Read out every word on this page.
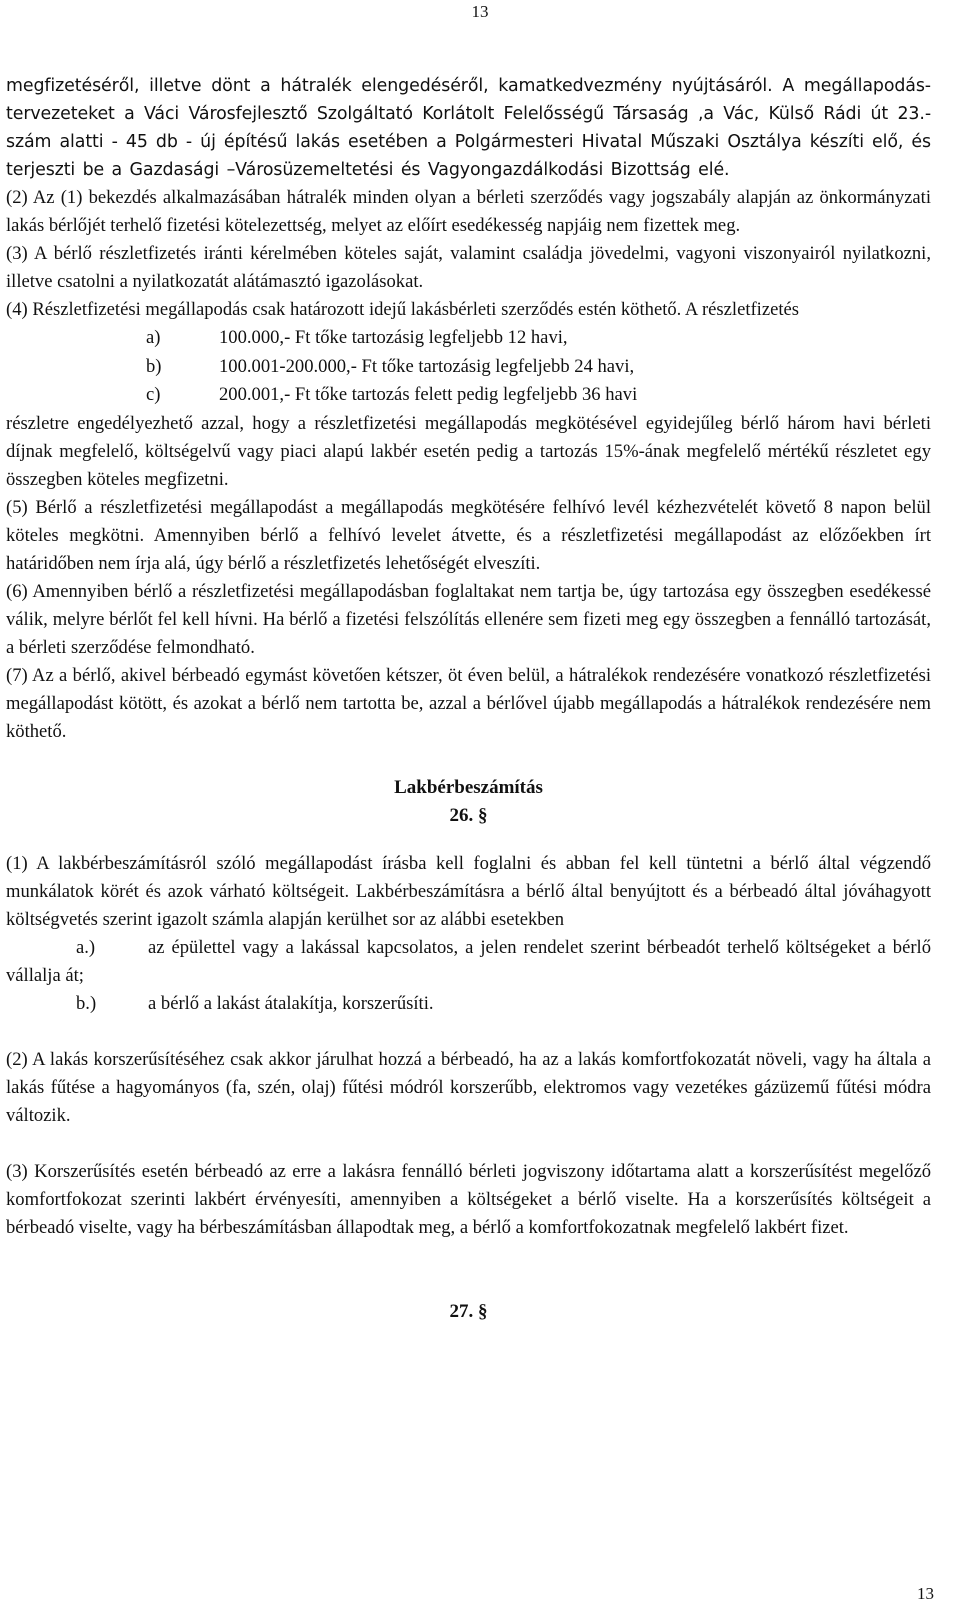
13

megfizetéséről, illetve dönt a hátralék elengedéséről, kamatkedvezmény nyújtásáról. A megállapodás-tervezeteket a Váci Városfejlesztő Szolgáltató Korlátolt Felelősségű Társaság ,a Vác, Külső Rádi út 23.- szám alatti - 45 db - új építésű lakás esetében a Polgármesteri Hivatal Műszaki Osztálya készíti elő, és terjeszti be a Gazdasági –Városüzemeltetési és Vagyongazdálkodási Bizottság elé.

(2) Az (1) bekezdés alkalmazásában hátralék minden olyan a bérleti szerződés vagy jogszabály alapján az önkormányzati lakás bérlőjét terhelő fizetési kötelezettség, melyet az előírt esedékesség napjáig nem fizettek meg.

(3) A bérlő részletfizetés iránti kérelmében köteles saját, valamint családja jövedelmi, vagyoni viszonyairól nyilatkozni, illetve csatolni a nyilatkozatát alátámasztó igazolásokat.

(4) Részletfizetési megállapodás csak határozott idejű lakásbérleti szerződés estén köthető. A részletfizetés

a)	100.000,- Ft tőke tartozásig legfeljebb 12 havi,
b)	100.001-200.000,- Ft tőke tartozásig legfeljebb 24 havi,
c)	200.001,- Ft tőke tartozás felett pedig legfeljebb 36 havi

részletre engedélyezhető azzal, hogy a részletfizetési megállapodás megkötésével egyidejűleg bérlő három havi bérleti díjnak megfelelő, költségelvű vagy piaci alapú lakbér esetén pedig a tartozás 15%-ának megfelelő mértékű részletet egy összegben köteles megfizetni.

(5) Bérlő a részletfizetési megállapodást a megállapodás megkötésére felhívó levél kézhezvételét követő 8 napon belül köteles megkötni. Amennyiben bérlő a felhívó levelet átvette, és a részletfizetési megállapodást az előzőekben írt határidőben nem írja alá, úgy bérlő a részletfizetés lehetőségét elveszíti.

(6) Amennyiben bérlő a részletfizetési megállapodásban foglaltakat nem tartja be, úgy tartozása egy összegben esedékessé válik, melyre bérlőt fel kell hívni. Ha bérlő a fizetési felszólítás ellenére sem fizeti meg egy összegben a fennálló tartozását, a bérleti szerződése felmondható.

(7) Az a bérlő, akivel bérbeadó egymást követően kétszer, öt éven belül, a hátralékok rendezésére vonatkozó részletfizetési megállapodást kötött, és azokat a bérlő nem tartotta be, azzal a bérlővel újabb megállapodás a hátralékok rendezésére nem köthető.

Lakbérbeszámítás
26. §

(1) A lakbérbeszámításról szóló megállapodást írásba kell foglalni és abban fel kell tüntetni a bérlő által végzendő munkálatok körét és azok várható költségeit. Lakbérbeszámításra a bérlő által benyújtott és a bérbeadó által jóváhagyott költségvetés szerint igazolt számla alapján kerülhet sor az alábbi esetekben

a.)	az épülettel vagy a lakással kapcsolatos, a jelen rendelet szerint bérbeadót terhelő költségeket a bérlő vállalja át;

b.)	a bérlő a lakást átalakítja, korszerűsíti.

(2) A lakás korszerűsítéséhez csak akkor járulhat hozzá a bérbeadó, ha az a lakás komfortfokozatát növeli, vagy ha általa a lakás fűtése a hagyományos (fa, szén, olaj) fűtési módról korszerűbb, elektromos vagy vezetékes gázüzemű fűtési módra változik.

(3) Korszerűsítés esetén bérbeadó az erre a lakásra fennálló bérleti jogviszony időtartama alatt a korszerűsítést megelőző komfortfokozat szerinti lakbért érvényesíti, amennyiben a költségeket a bérlő viselte. Ha a korszerűsítés költségeit a bérbeadó viselte, vagy ha bérbeszámításban állapodtak meg, a bérlő a komfortfokozatnak megfelelő lakbért fizet.

27. §
13
